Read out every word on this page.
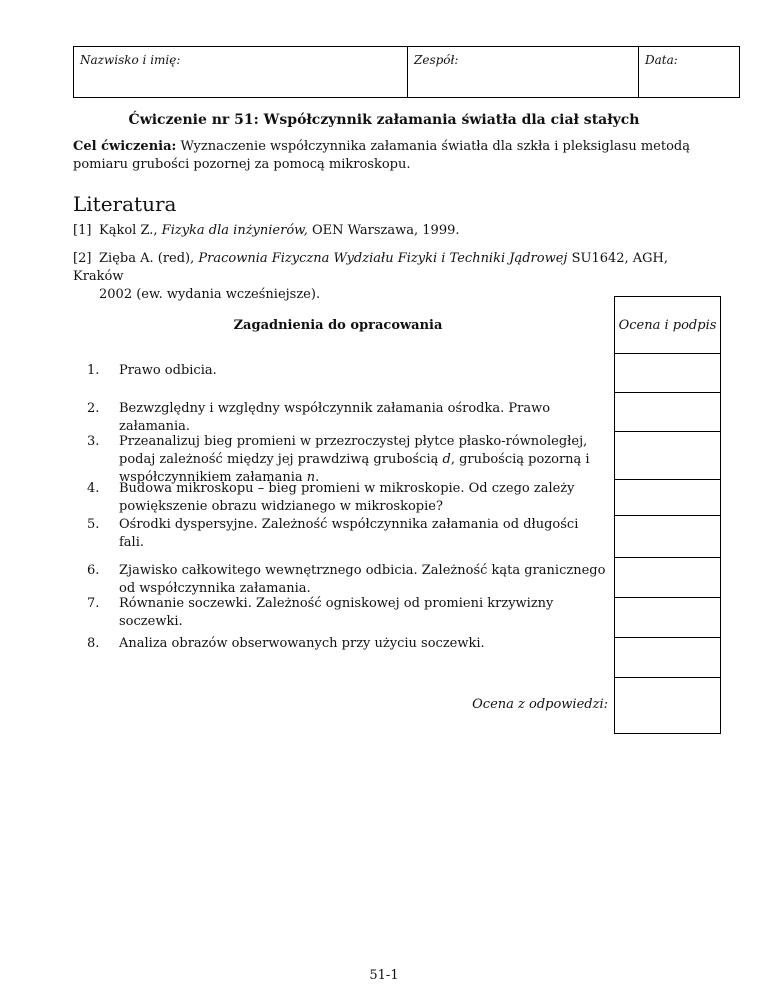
Nazwisko i imię:	Zespół:	Data:
Ćwiczenie nr 51: Współczynnik załamania światła dla ciał stałych
Cel ćwiczenia: Wyznaczenie współczynnika załamania światła dla szkła i pleksiglasu metodą pomiaru grubości pozornej za pomocą mikroskopu.
Literatura
[1] Kąkol Z., Fizyka dla inżynierów, OEN Warszawa, 1999.
[2] Zięba A. (red), Pracownia Fizyczna Wydziału Fizyki i Techniki Jądrowej SU1642, AGH, Kraków
2002 (ew. wydania wcześniejsze).
Ocena i podpis
Zagadnienia do opracowania
1.	Prawo odbicia.
2.	Bezwzględny i względny współczynnik załamania ośrodka. Prawo załamania.
3.	Przeanalizuj bieg promieni w przezroczystej płytce płasko-równoległej, podaj zależność między jej prawdziwą grubością d, grubością pozorną i współczynnikiem załamania n.
4.	Budowa mikroskopu – bieg promieni w mikroskopie. Od czego zależy powiększenie obrazu widzianego w mikroskopie?
5.	Ośrodki dyspersyjne. Zależność współczynnika załamania od długości fali.
6.	Zjawisko całkowitego wewnętrznego odbicia. Zależność kąta granicznego od współczynnika załamania.
7.	Równanie soczewki. Zależność ogniskowej od promieni krzywizny soczewki.
8.	Analiza obrazów obserwowanych przy użyciu soczewki.
Ocena z odpowiedzi:
51-1
